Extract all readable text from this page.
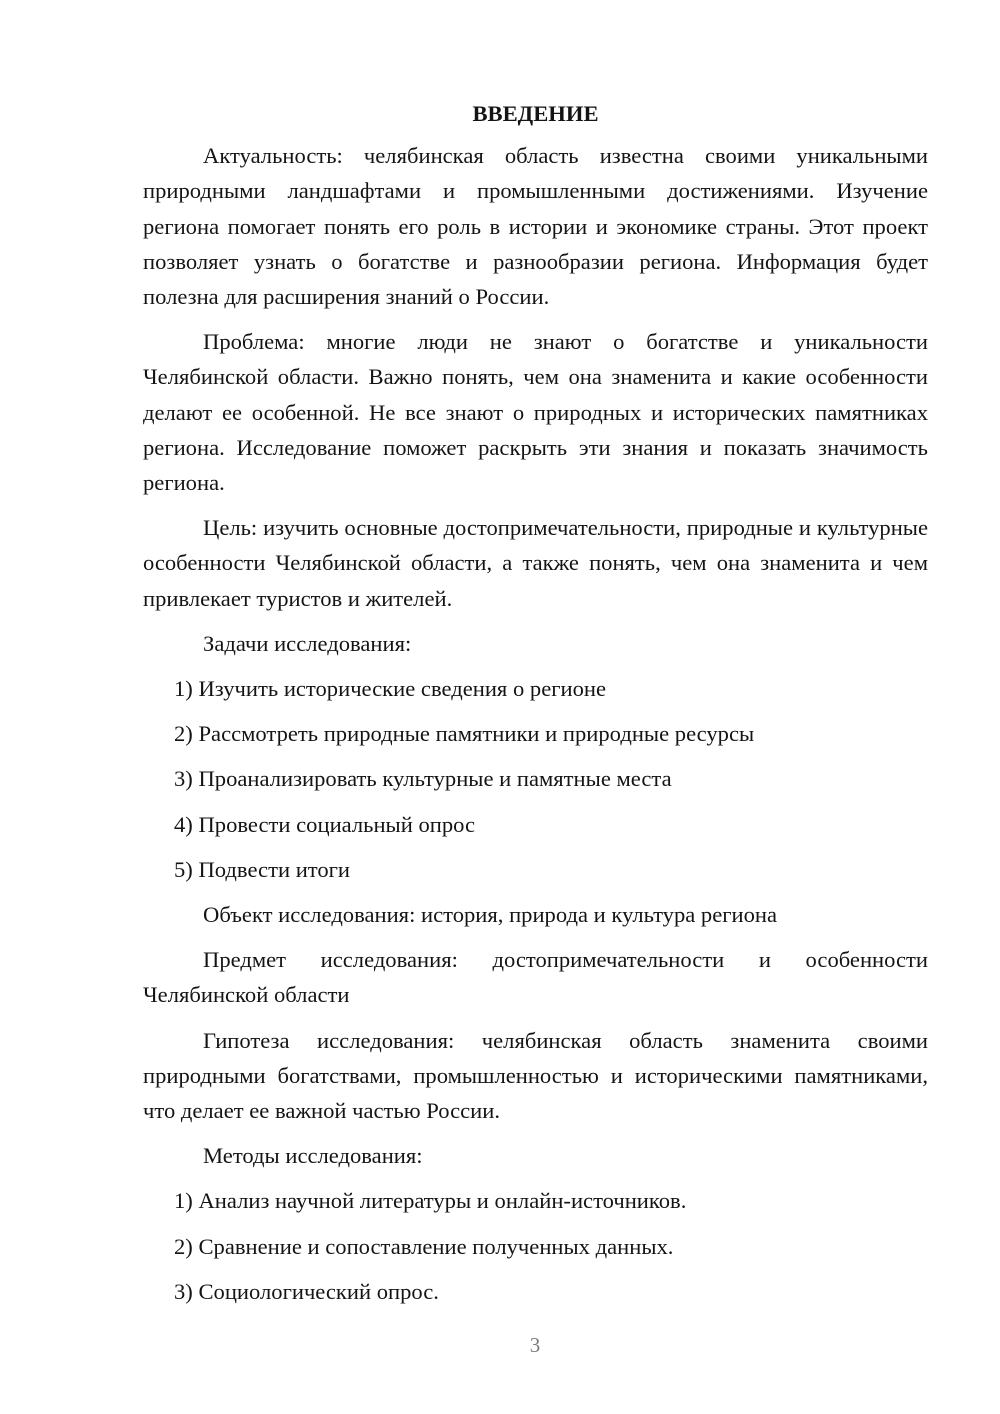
ВВЕДЕНИЕ

Актуальность: челябинская область известна своими уникальными природными ландшафтами и промышленными достижениями. Изучение региона помогает понять его роль в истории и экономике страны. Этот проект позволяет узнать о богатстве и разнообразии региона. Информация будет полезна для расширения знаний о России.

Проблема: многие люди не знают о богатстве и уникальности Челябинской области. Важно понять, чем она знаменита и какие особенности делают ее особенной. Не все знают о природных и исторических памятниках региона. Исследование поможет раскрыть эти знания и показать значимость региона.

Цель: изучить основные достопримечательности, природные и культурные особенности Челябинской области, а также понять, чем она знаменита и чем привлекает туристов и жителей.

Задачи исследования:

1) Изучить исторические сведения о регионе
2) Рассмотреть природные памятники и природные ресурсы
3) Проанализировать культурные и памятные места
4) Провести социальный опрос
5) Подвести итоги

Объект исследования: история, природа и культура региона

Предмет исследования: достопримечательности и особенности Челябинской области

Гипотеза исследования: челябинская область знаменита своими природными богатствами, промышленностью и историческими памятниками, что делает ее важной частью России.

Методы исследования:

1) Анализ научной литературы и онлайн-источников.
2) Сравнение и сопоставление полученных данных.
3) Социологический опрос.
3
